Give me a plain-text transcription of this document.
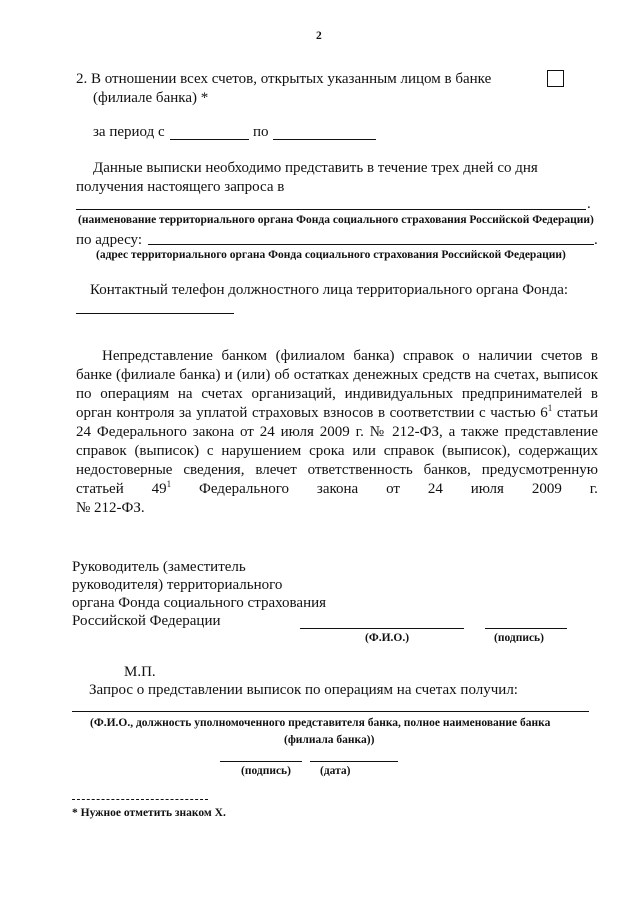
2
2. В отношении всех счетов, открытых указанным лицом в банке
(филиале банка) *
за период с	по
Данные выписки необходимо представить в течение трех дней со дня
получения настоящего запроса в
.
(наименование территориального органа Фонда социального страхования Российской Федерации)
по адресу:	.
(адрес территориального органа Фонда социального страхования Российской Федерации)
Контактный телефон должностного лица территориального органа Фонда:
Непредставление банком (филиалом банка) справок о наличии счетов в
банке (филиале банка) и (или) об остатках денежных средств на счетах, выписок
по операциям на счетах организаций, индивидуальных предпринимателей в
орган контроля за уплатой страховых взносов в соответствии с частью $6^1$ статьи
24 Федерального закона от 24 июля 2009 г. № 212-ФЗ, а также представление
справок (выписок) с нарушением срока или справок (выписок), содержащих
недостоверные сведения, влечет ответственность банков, предусмотренную
статьей $49^1$ Федерального закона от 24 июля 2009 г.
№ 212-ФЗ.
Руководитель (заместитель
руководителя) территориального
органа Фонда социального страхования
Российской Федерации
(Ф.И.О.)	(подпись)
М.П.
Запрос о представлении выписок по операциям на счетах получил:
(Ф.И.О., должность уполномоченного представителя банка, полное наименование банка
(филиала банка))
(подпись)	(дата)
* Нужное отметить знаком X.
